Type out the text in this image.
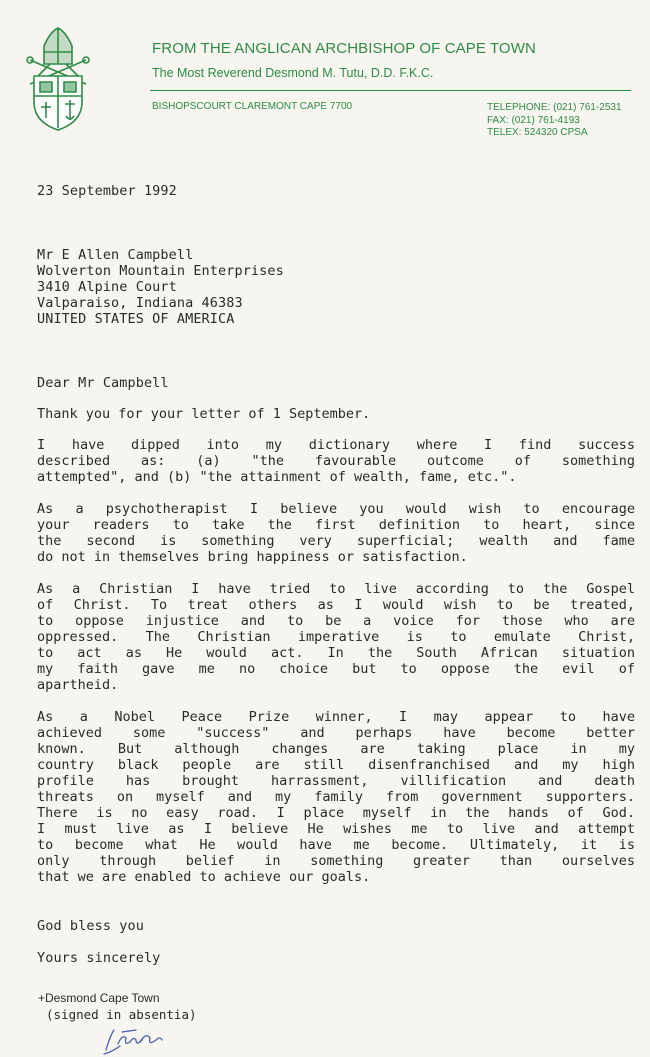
FROM THE ANGLICAN ARCHBISHOP OF CAPE TOWN
The Most Reverend Desmond M. Tutu, D.D. F.K.C.
BISHOPSCOURT CLAREMONT CAPE 7700	TELEPHONE: (021) 761-2531
FAX: (021) 761-4193
TELEX: 524320 CPSA
23 September 1992
Mr E Allen Campbell
Wolverton Mountain Enterprises
3410 Alpine Court
Valparaiso, Indiana 46383
UNITED STATES OF AMERICA
Dear Mr Campbell
Thank you for your letter of 1 September.
I have dipped into my dictionary where I find success
described as: (a) "the favourable outcome of something
attempted", and (b) "the attainment of wealth, fame, etc.".
As a psychotherapist I believe you would wish to encourage
your readers to take the first definition to heart, since
the second is something very superficial; wealth and fame
do not in themselves bring happiness or satisfaction.
As a Christian I have tried to live according to the Gospel
of Christ. To treat others as I would wish to be treated,
to oppose injustice and to be a voice for those who are
oppressed. The Christian imperative is to emulate Christ,
to act as He would act. In the South African situation
my faith gave me no choice but to oppose the evil of
apartheid.
As a Nobel Peace Prize winner, I may appear to have
achieved some "success" and perhaps have become better
known. But although changes are taking place in my
country black people are still disenfranchised and my high
profile has brought harrassment, villification and death
threats on myself and my family from government supporters.
There is no easy road. I place myself in the hands of God.
I must live as I believe He wishes me to live and attempt
to become what He would have me become. Ultimately, it is
only through belief in something greater than ourselves
that we are enabled to achieve our goals.
God bless you
Yours sincerely
+Desmond Cape Town
(signed in absentia)
